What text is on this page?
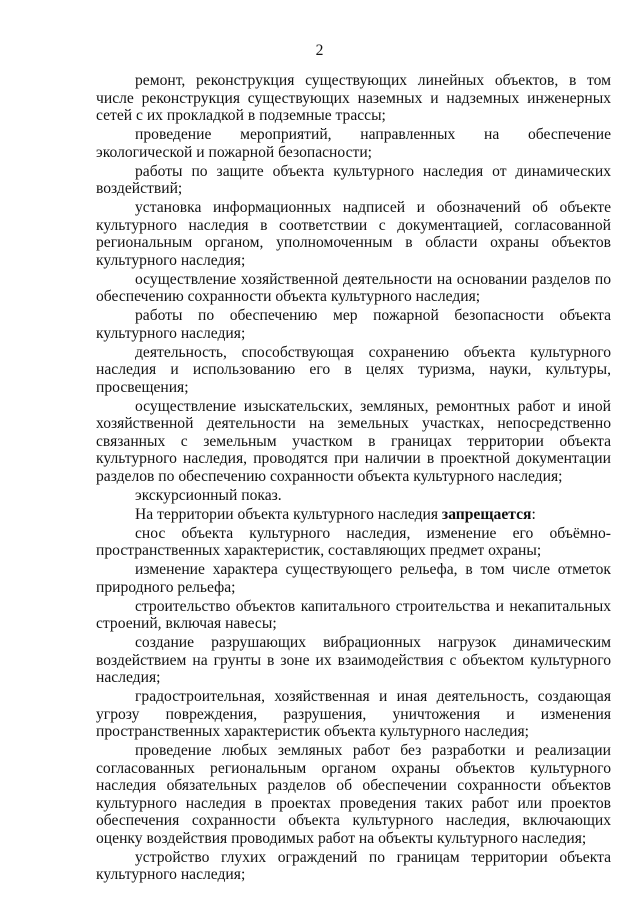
2

ремонт, реконструкция существующих линейных объектов, в том числе реконструкция существующих наземных и надземных инженерных сетей с их прокладкой в подземные трассы;

проведение мероприятий, направленных на обеспечение экологической и пожарной безопасности;

работы по защите объекта культурного наследия от динамических воздействий;

установка информационных надписей и обозначений об объекте культурного наследия в соответствии с документацией, согласованной региональным органом, уполномоченным в области охраны объектов культурного наследия;

осуществление хозяйственной деятельности на основании разделов по обеспечению сохранности объекта культурного наследия;

работы по обеспечению мер пожарной безопасности объекта культурного наследия;

деятельность, способствующая сохранению объекта культурного наследия и использованию его в целях туризма, науки, культуры, просвещения;

осуществление изыскательских, земляных, ремонтных работ и иной хозяйственной деятельности на земельных участках, непосредственно связанных с земельным участком в границах территории объекта культурного наследия, проводятся при наличии в проектной документации разделов по обеспечению сохранности объекта культурного наследия;

экскурсионный показ.

На территории объекта культурного наследия запрещается:

снос объекта культурного наследия, изменение его объёмно-пространственных характеристик, составляющих предмет охраны;

изменение характера существующего рельефа, в том числе отметок природного рельефа;

строительство объектов капитального строительства и некапитальных строений, включая навесы;

создание разрушающих вибрационных нагрузок динамическим воздействием на грунты в зоне их взаимодействия с объектом культурного наследия;

градостроительная, хозяйственная и иная деятельность, создающая угрозу повреждения, разрушения, уничтожения и изменения пространственных характеристик объекта культурного наследия;

проведение любых земляных работ без разработки и реализации согласованных региональным органом охраны объектов культурного наследия обязательных разделов об обеспечении сохранности объектов культурного наследия в проектах проведения таких работ или проектов обеспечения сохранности объекта культурного наследия, включающих оценку воздействия проводимых работ на объекты культурного наследия;

устройство глухих ограждений по границам территории объекта культурного наследия;
